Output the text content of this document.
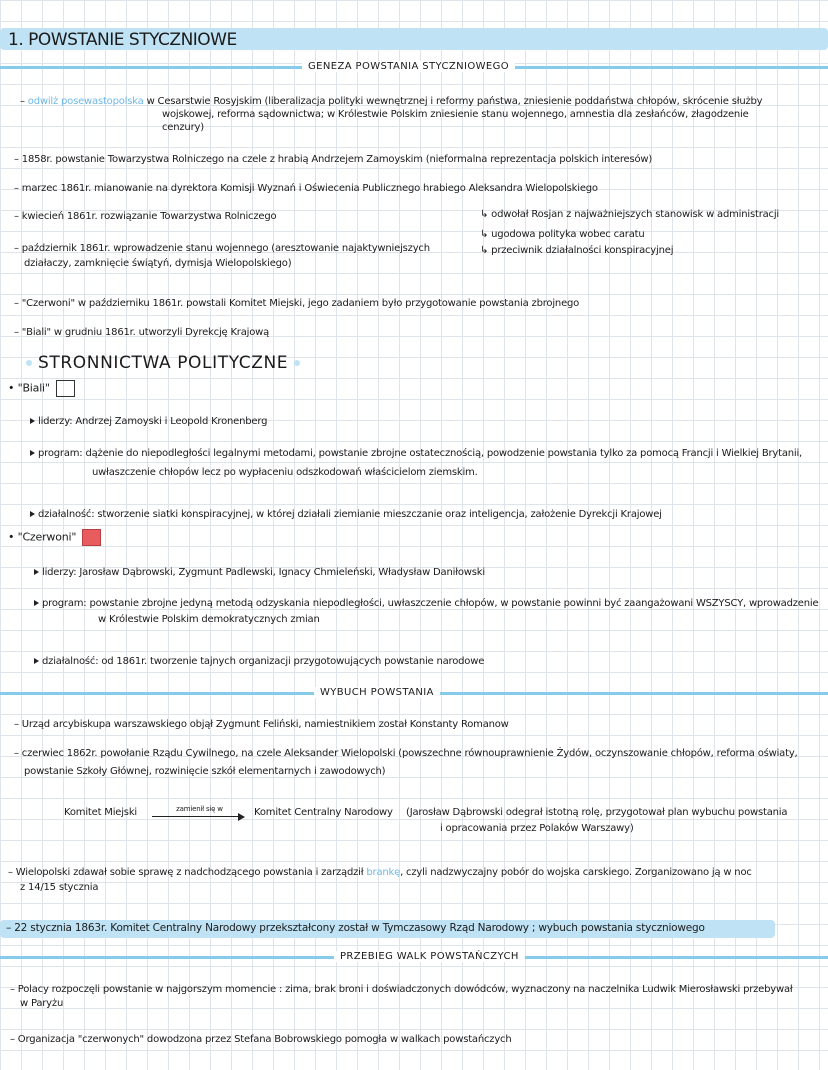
1. POWSTANIE STYCZNIOWE
GENEZA POWSTANIA STYCZNIOWEGO
– odwilż posewastopolska w Cesarstwie Rosyjskim (liberalizacja polityki wewnętrznej i reformy państwa, zniesienie poddaństwa chłopów, skrócenie służby
wojskowej, reforma sądownictwa; w Królestwie Polskim zniesienie stanu wojennego, amnestia dla zesłańców, złagodzenie
cenzury)
– 1858r. powstanie Towarzystwa Rolniczego na czele z hrabią Andrzejem Zamoyskim (nieformalna reprezentacja polskich interesów)
– marzec 1861r. mianowanie na dyrektora Komisji Wyznań i Oświecenia Publicznego hrabiego Aleksandra Wielopolskiego
– kwiecień 1861r. rozwiązanie Towarzystwa Rolniczego
– październik 1861r. wprowadzenie stanu wojennego (aresztowanie najaktywniejszych
działaczy, zamknięcie świątyń, dymisja Wielopolskiego)
↳ odwołał Rosjan z najważniejszych stanowisk w administracji
↳ ugodowa polityka wobec caratu
↳ przeciwnik działalności konspiracyjnej
– "Czerwoni" w październiku 1861r. powstali Komitet Miejski, jego zadaniem było przygotowanie powstania zbrojnego
– "Biali" w grudniu 1861r. utworzyli Dyrekcję Krajową
STRONNICTWA POLITYCZNE
• "Biali"
liderzy: Andrzej Zamoyski i Leopold Kronenberg
program: dążenie do niepodległości legalnymi metodami, powstanie zbrojne ostatecznością, powodzenie powstania tylko za pomocą Francji i Wielkiej Brytanii,
uwłaszczenie chłopów lecz po wypłaceniu odszkodowań właścicielom ziemskim.
działalność: stworzenie siatki konspiracyjnej, w której działali ziemianie mieszczanie oraz inteligencja, założenie Dyrekcji Krajowej
• "Czerwoni"
liderzy: Jarosław Dąbrowski, Zygmunt Padlewski, Ignacy Chmieleński, Władysław Daniłowski
program: powstanie zbrojne jedyną metodą odzyskania niepodległości, uwłaszczenie chłopów, w powstanie powinni być zaangażowani WSZYSCY, wprowadzenie
w Królestwie Polskim demokratycznych zmian
działalność: od 1861r. tworzenie tajnych organizacji przygotowujących powstanie narodowe
WYBUCH POWSTANIA
– Urząd arcybiskupa warszawskiego objął Zygmunt Feliński, namiestnikiem został Konstanty Romanow
– czerwiec 1862r. powołanie Rządu Cywilnego, na czele Aleksander Wielopolski (powszechne równouprawnienie Żydów, oczynszowanie chłopów, reforma oświaty,
powstanie Szkoły Głównej, rozwinięcie szkół elementarnych i zawodowych)
Komitet Miejski	zamienił się w	Komitet Centralny Narodowy (Jarosław Dąbrowski odegrał istotną rolę, przygotował plan wybuchu powstania
i opracowania przez Polaków Warszawy)
– Wielopolski zdawał sobie sprawę z nadchodzącego powstania i zarządził brankę, czyli nadzwyczajny pobór do wojska carskiego. Zorganizowano ją w noc
z 14/15 stycznia
– 22 stycznia 1863r. Komitet Centralny Narodowy przekształcony został w Tymczasowy Rząd Narodowy ; wybuch powstania styczniowego
PRZEBIEG WALK POWSTAŃCZYCH
– Polacy rozpoczęli powstanie w najgorszym momencie : zima, brak broni i doświadczonych dowódców, wyznaczony na naczelnika Ludwik Mierosławski przebywał
w Paryżu
– Organizacja "czerwonych" dowodzona przez Stefana Bobrowskiego pomogła w walkach powstańczych
